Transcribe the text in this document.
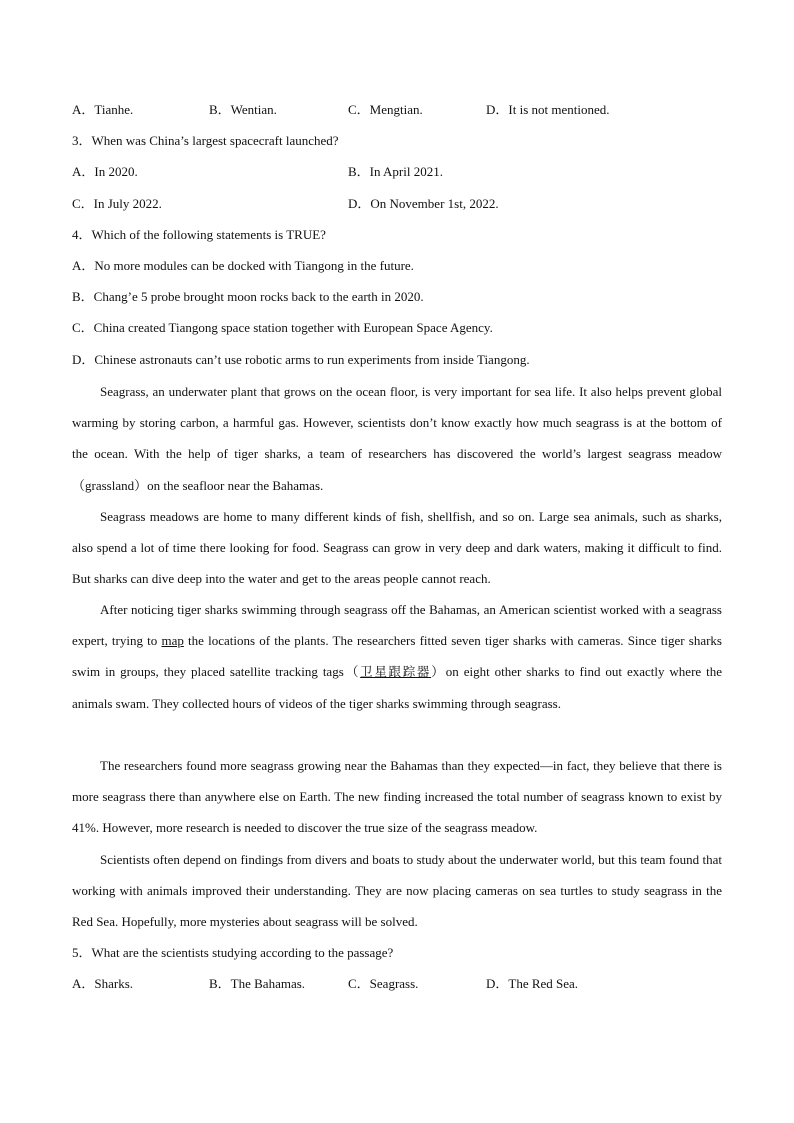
A．Tianhe.	B．Wentian.	C．Mengtian.	D．It is not mentioned.
3．When was China’s largest spacecraft launched?
A．In 2020.	B．In April 2021.
C．In July 2022.	D．On November 1st, 2022.
4．Which of the following statements is TRUE?
A．No more modules can be docked with Tiangong in the future.
B．Chang’e 5 probe brought moon rocks back to the earth in 2020.
C．China created Tiangong space station together with European Space Agency.
D．Chinese astronauts can’t use robotic arms to run experiments from inside Tiangong.
Seagrass, an underwater plant that grows on the ocean floor, is very important for sea life. It also helps prevent global warming by storing carbon, a harmful gas. However, scientists don’t know exactly how much seagrass is at the bottom of the ocean. With the help of tiger sharks, a team of researchers has discovered the world’s largest seagrass meadow（grassland）on the seafloor near the Bahamas.
Seagrass meadows are home to many different kinds of fish, shellfish, and so on. Large sea animals, such as sharks, also spend a lot of time there looking for food. Seagrass can grow in very deep and dark waters, making it difficult to find. But sharks can dive deep into the water and get to the areas people cannot reach.
After noticing tiger sharks swimming through seagrass off the Bahamas, an American scientist worked with a seagrass expert, trying to map the locations of the plants. The researchers fitted seven tiger sharks with cameras. Since tiger sharks swim in groups, they placed satellite tracking tags（卫星跟踪器）on eight other sharks to find out exactly where the animals swam. They collected hours of videos of the tiger sharks swimming through seagrass.
The researchers found more seagrass growing near the Bahamas than they expected—in fact, they believe that there is more seagrass there than anywhere else on Earth. The new finding increased the total number of seagrass known to exist by 41%. However, more research is needed to discover the true size of the seagrass meadow.
Scientists often depend on findings from divers and boats to study about the underwater world, but this team found that working with animals improved their understanding. They are now placing cameras on sea turtles to study seagrass in the Red Sea. Hopefully, more mysteries about seagrass will be solved.
5．What are the scientists studying according to the passage?
A．Sharks.	B．The Bahamas.	C．Seagrass.	D．The Red Sea.
